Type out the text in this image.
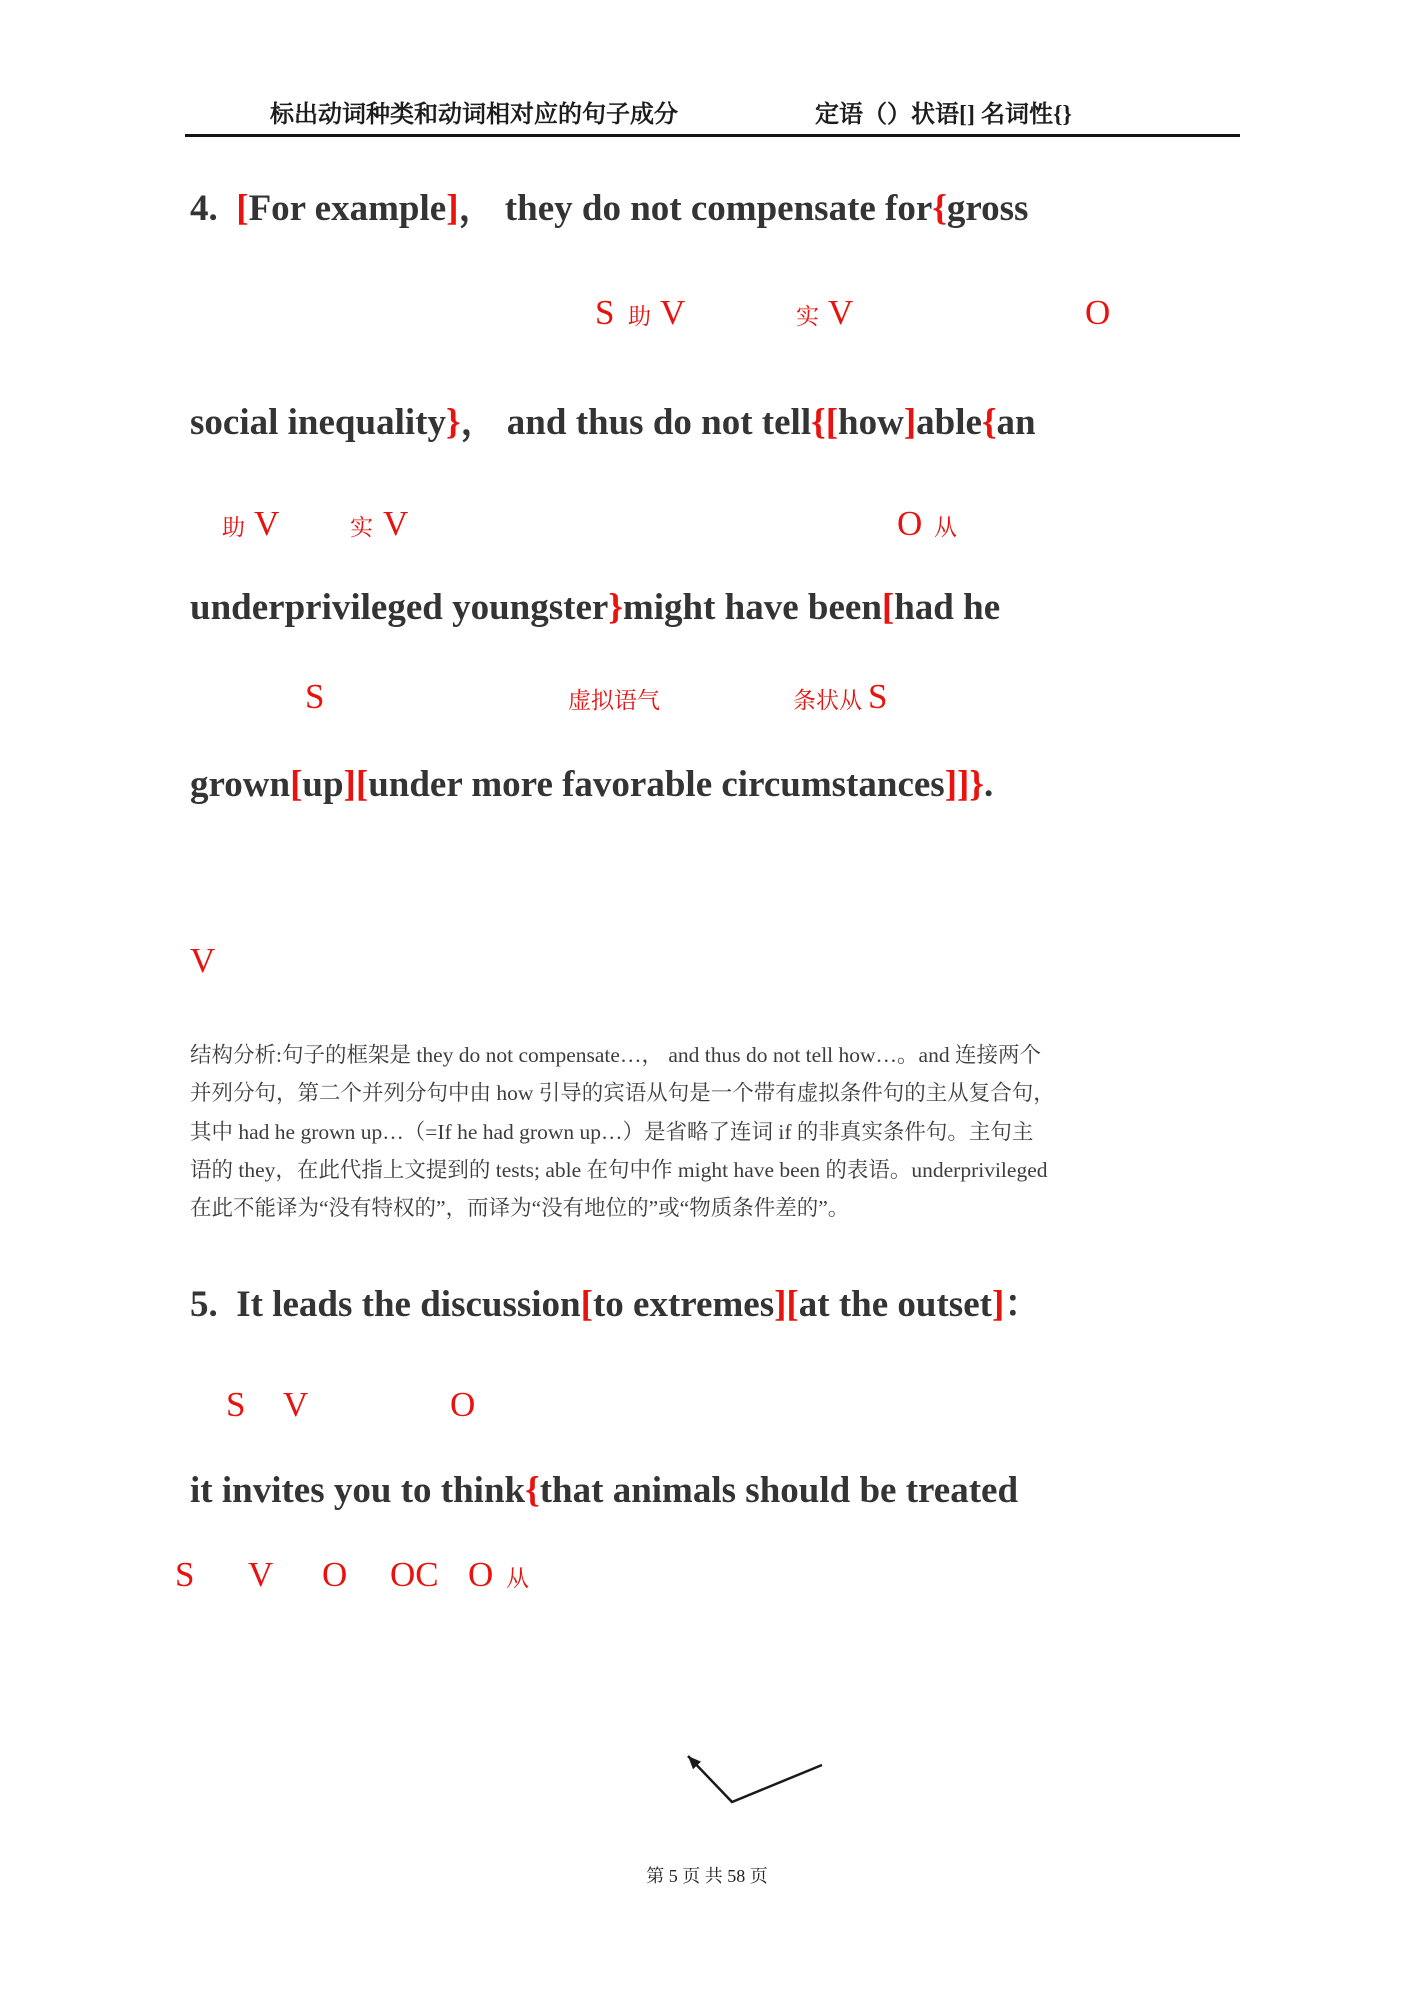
标出动词种类和动词相对应的句子成分	定语（）状语[] 名词性{}
4.  [For example]， they do not compensate for{gross
S 助 V	实 V	O
social inequality}， and thus do not tell{[how]able{an
助 V	实 V	O 从
underprivileged youngster}might have been[had he
S	虚拟语气	条状从 S
grown[up][under more favorable circumstances]]}.
V
结构分析:句子的框架是 they do not compensate…， and thus do not tell how…。and 连接两个
并列分句，第二个并列分句中由 how 引导的宾语从句是一个带有虚拟条件句的主从复合句，
其中 had he grown up…（=If he had grown up…）是省略了连词 if 的非真实条件句。主句主
语的 they，在此代指上文提到的 tests; able 在句中作 might have been 的表语。underprivileged
在此不能译为“没有特权的”，而译为“没有地位的”或“物质条件差的”。
5.  It leads the discussion[to extremes][at the outset]：
S V	O
it invites you to think{that animals should be treated
S V O OC O 从
第 5 页 共 58 页
